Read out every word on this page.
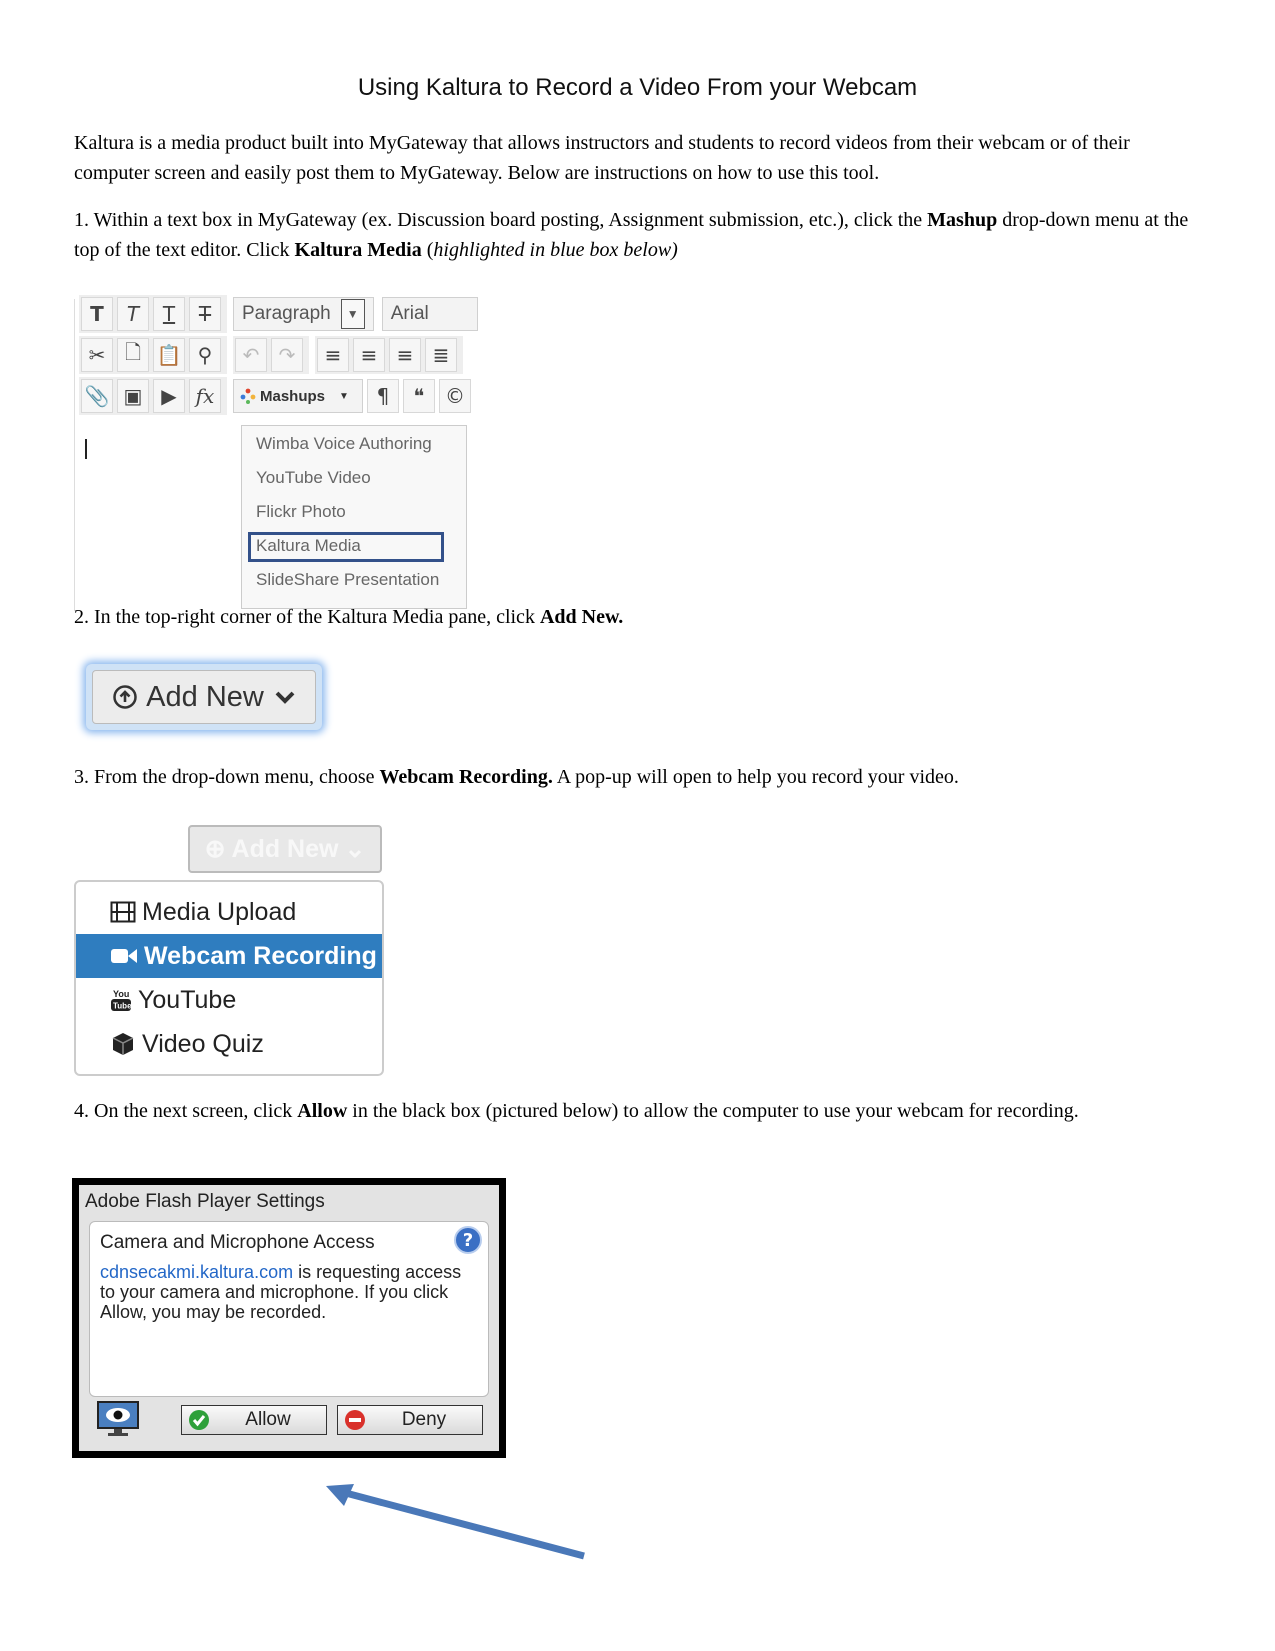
Using Kaltura to Record a Video From your Webcam
Kaltura is a media product built into MyGateway that allows instructors and students to record videos from their webcam or of their computer screen and easily post them to MyGateway. Below are instructions on how to use this tool.
1. Within a text box in MyGateway (ex. Discussion board posting, Assignment submission, etc.), click the Mashup drop-down menu at the top of the text editor. Click Kaltura Media (highlighted in blue box below)
T	T	T	T	Paragraph	▼	Arial
✂ 🗋 📋 ⚲	↶ ↷	≡ ≡ ≡ ≣
📎 ▣ ▶ fx	Mashups ▼	¶	❝	©
Wimba Voice Authoring
YouTube Video
Flickr Photo
Kaltura Media
SlideShare Presentation
2. In the top-right corner of the Kaltura Media pane, click Add New.
Add New
3. From the drop-down menu, choose Webcam Recording. A pop-up will open to help you record your video.
⊕ Add New ⌄
Media Upload
Webcam Recording
You
Tube YouTube
Video Quiz
4. On the next screen, click Allow in the black box (pictured below) to allow the computer to use your webcam for recording.
Adobe Flash Player Settings
Camera and Microphone Access	?
cdnsecakmi.kaltura.com is requesting access to your camera and microphone. If you click Allow, you may be recorded.
Allow	Deny
